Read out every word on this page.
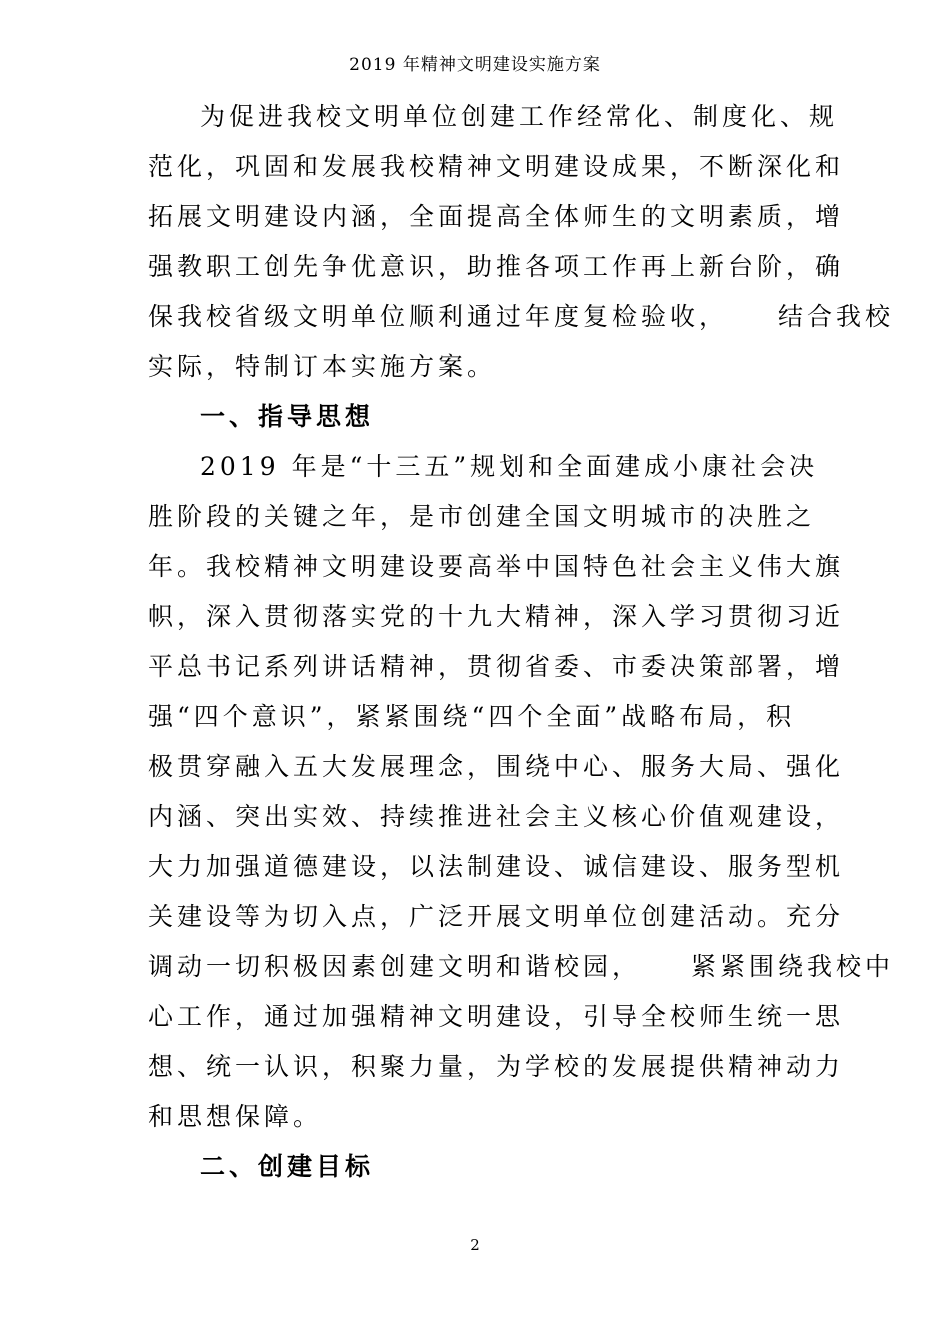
2019 年精神文明建设实施方案
为促进我校文明单位创建工作经常化、制度化、规
范化，巩固和发展我校精神文明建设成果，不断深化和
拓展文明建设内涵，全面提高全体师生的文明素质，增
强教职工创先争优意识，助推各项工作再上新台阶，确
保我校省级文明单位顺利通过年度复检验收， 结合我校
实际，特制订本实施方案。
一、指导思想
2019 年是“十三五”规划和全面建成小康社会决
胜阶段的关键之年，是市创建全国文明城市的决胜之
年。我校精神文明建设要高举中国特色社会主义伟大旗
帜，深入贯彻落实党的十九大精神，深入学习贯彻习近
平总书记系列讲话精神，贯彻省委、市委决策部署，增
强“四个意识”，紧紧围绕“四个全面”战略布局，积
极贯穿融入五大发展理念，围绕中心、服务大局、强化
内涵、突出实效、持续推进社会主义核心价值观建设，
大力加强道德建设，以法制建设、诚信建设、服务型机
关建设等为切入点，广泛开展文明单位创建活动。充分
调动一切积极因素创建文明和谐校园， 紧紧围绕我校中
心工作，通过加强精神文明建设，引导全校师生统一思
想、统一认识，积聚力量，为学校的发展提供精神动力
和思想保障。
二、创建目标
2
